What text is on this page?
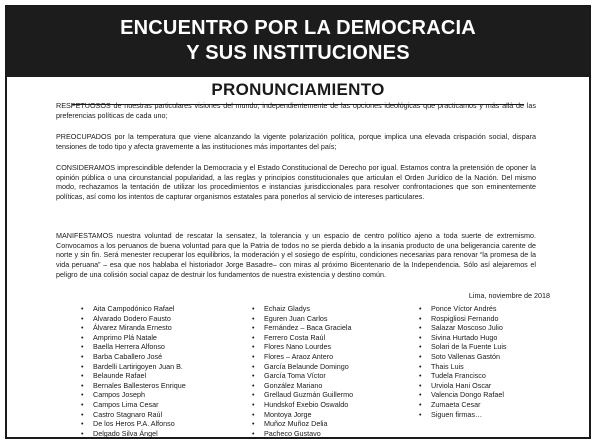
ENCUENTRO POR LA DEMOCRACIA
Y SUS INSTITUCIONES
PRONUNCIAMIENTO

RESPETUOSOS de nuestras particulares visiones del mundo, independientemente de las opciones ideológicas que practicamos y más allá de las preferencias políticas de cada uno;

PREOCUPADOS por la temperatura que viene alcanzando la vigente polarización política, porque implica una elevada crispación social, dispara tensiones de todo tipo y afecta gravemente a las instituciones más importantes del país;

CONSIDERAMOS imprescindible defender la Democracia y el Estado Constitucional de Derecho por igual. Estamos contra la pretensión de oponer la opinión pública o una circunstancial popularidad, a las reglas y principios constitucionales que articulan el Orden Jurídico de la Nación. Del mismo modo, rechazamos la tentación de utilizar los procedimientos e instancias jurisdiccionales para resolver confrontaciones que son eminentemente políticas, así como los intentos de capturar organismos estatales para ponerlos al servicio de intereses particulares.

MANIFESTAMOS nuestra voluntad de rescatar la sensatez, la tolerancia y un espacio de centro político ajeno a toda suerte de extremismo. Convocamos a los peruanos de buena voluntad para que la Patria de todos no se pierda debido a la insania producto de una beligerancia carente de norte y sin fin. Será menester recuperar los equilibrios, la moderación y el sosiego de espíritu, condiciones necesarias para renovar “la promesa de la vida peruana” – esa que nos hablaba el historiador Jorge Basadre– con miras al próximo Bicentenario de la Independencia. Sólo así alejaremos el peligro de una colisión social capaz de destruir los fundamentos de nuestra existencia y destino común.

Lima, noviembre de 2018
• Aita Campodónico Rafael
• Alvarado Dodero Fausto
• Álvarez Miranda Ernesto
• Amprimo Plá Natale
• Baella Herrera Alfonso
• Barba Caballero José
• Bardelli Lartirigoyen Juan B.
• Belaunde Rafael
• Bernales Ballesteros Enrique
• Campos Joseph
• Campos Lima Cesar
• Castro Stagnaro Raúl
• De los Heros P.A. Alfonso
• Delgado Silva Ángel
• Echaiz Gladys
• Eguren Juan Carlos
• Fernández – Baca Graciela
• Ferrero Costa Raúl
• Flores Nano Lourdes
• Flores – Araoz Antero
• García Belaunde Domingo
• García Toma Víctor
• González Mariano
• Grellaud Guzmán Guillermo
• Hundskof Exebio Oswaldo
• Montoya Jorge
• Muñoz Muñoz Delia
• Pacheco Gustavo
• Ponce Víctor Andrés
• Rospigliosi Fernando
• Salazar Moscoso Julio
• Sivina Hurtado Hugo
• Solari de la Fuente Luis
• Soto Vallenas Gastón
• Thais Luis
• Tudela Francisco
• Urviola Hani Oscar
• Valencia Dongo Rafael
• Zumaeta Cesar
• Siguen firmas…
